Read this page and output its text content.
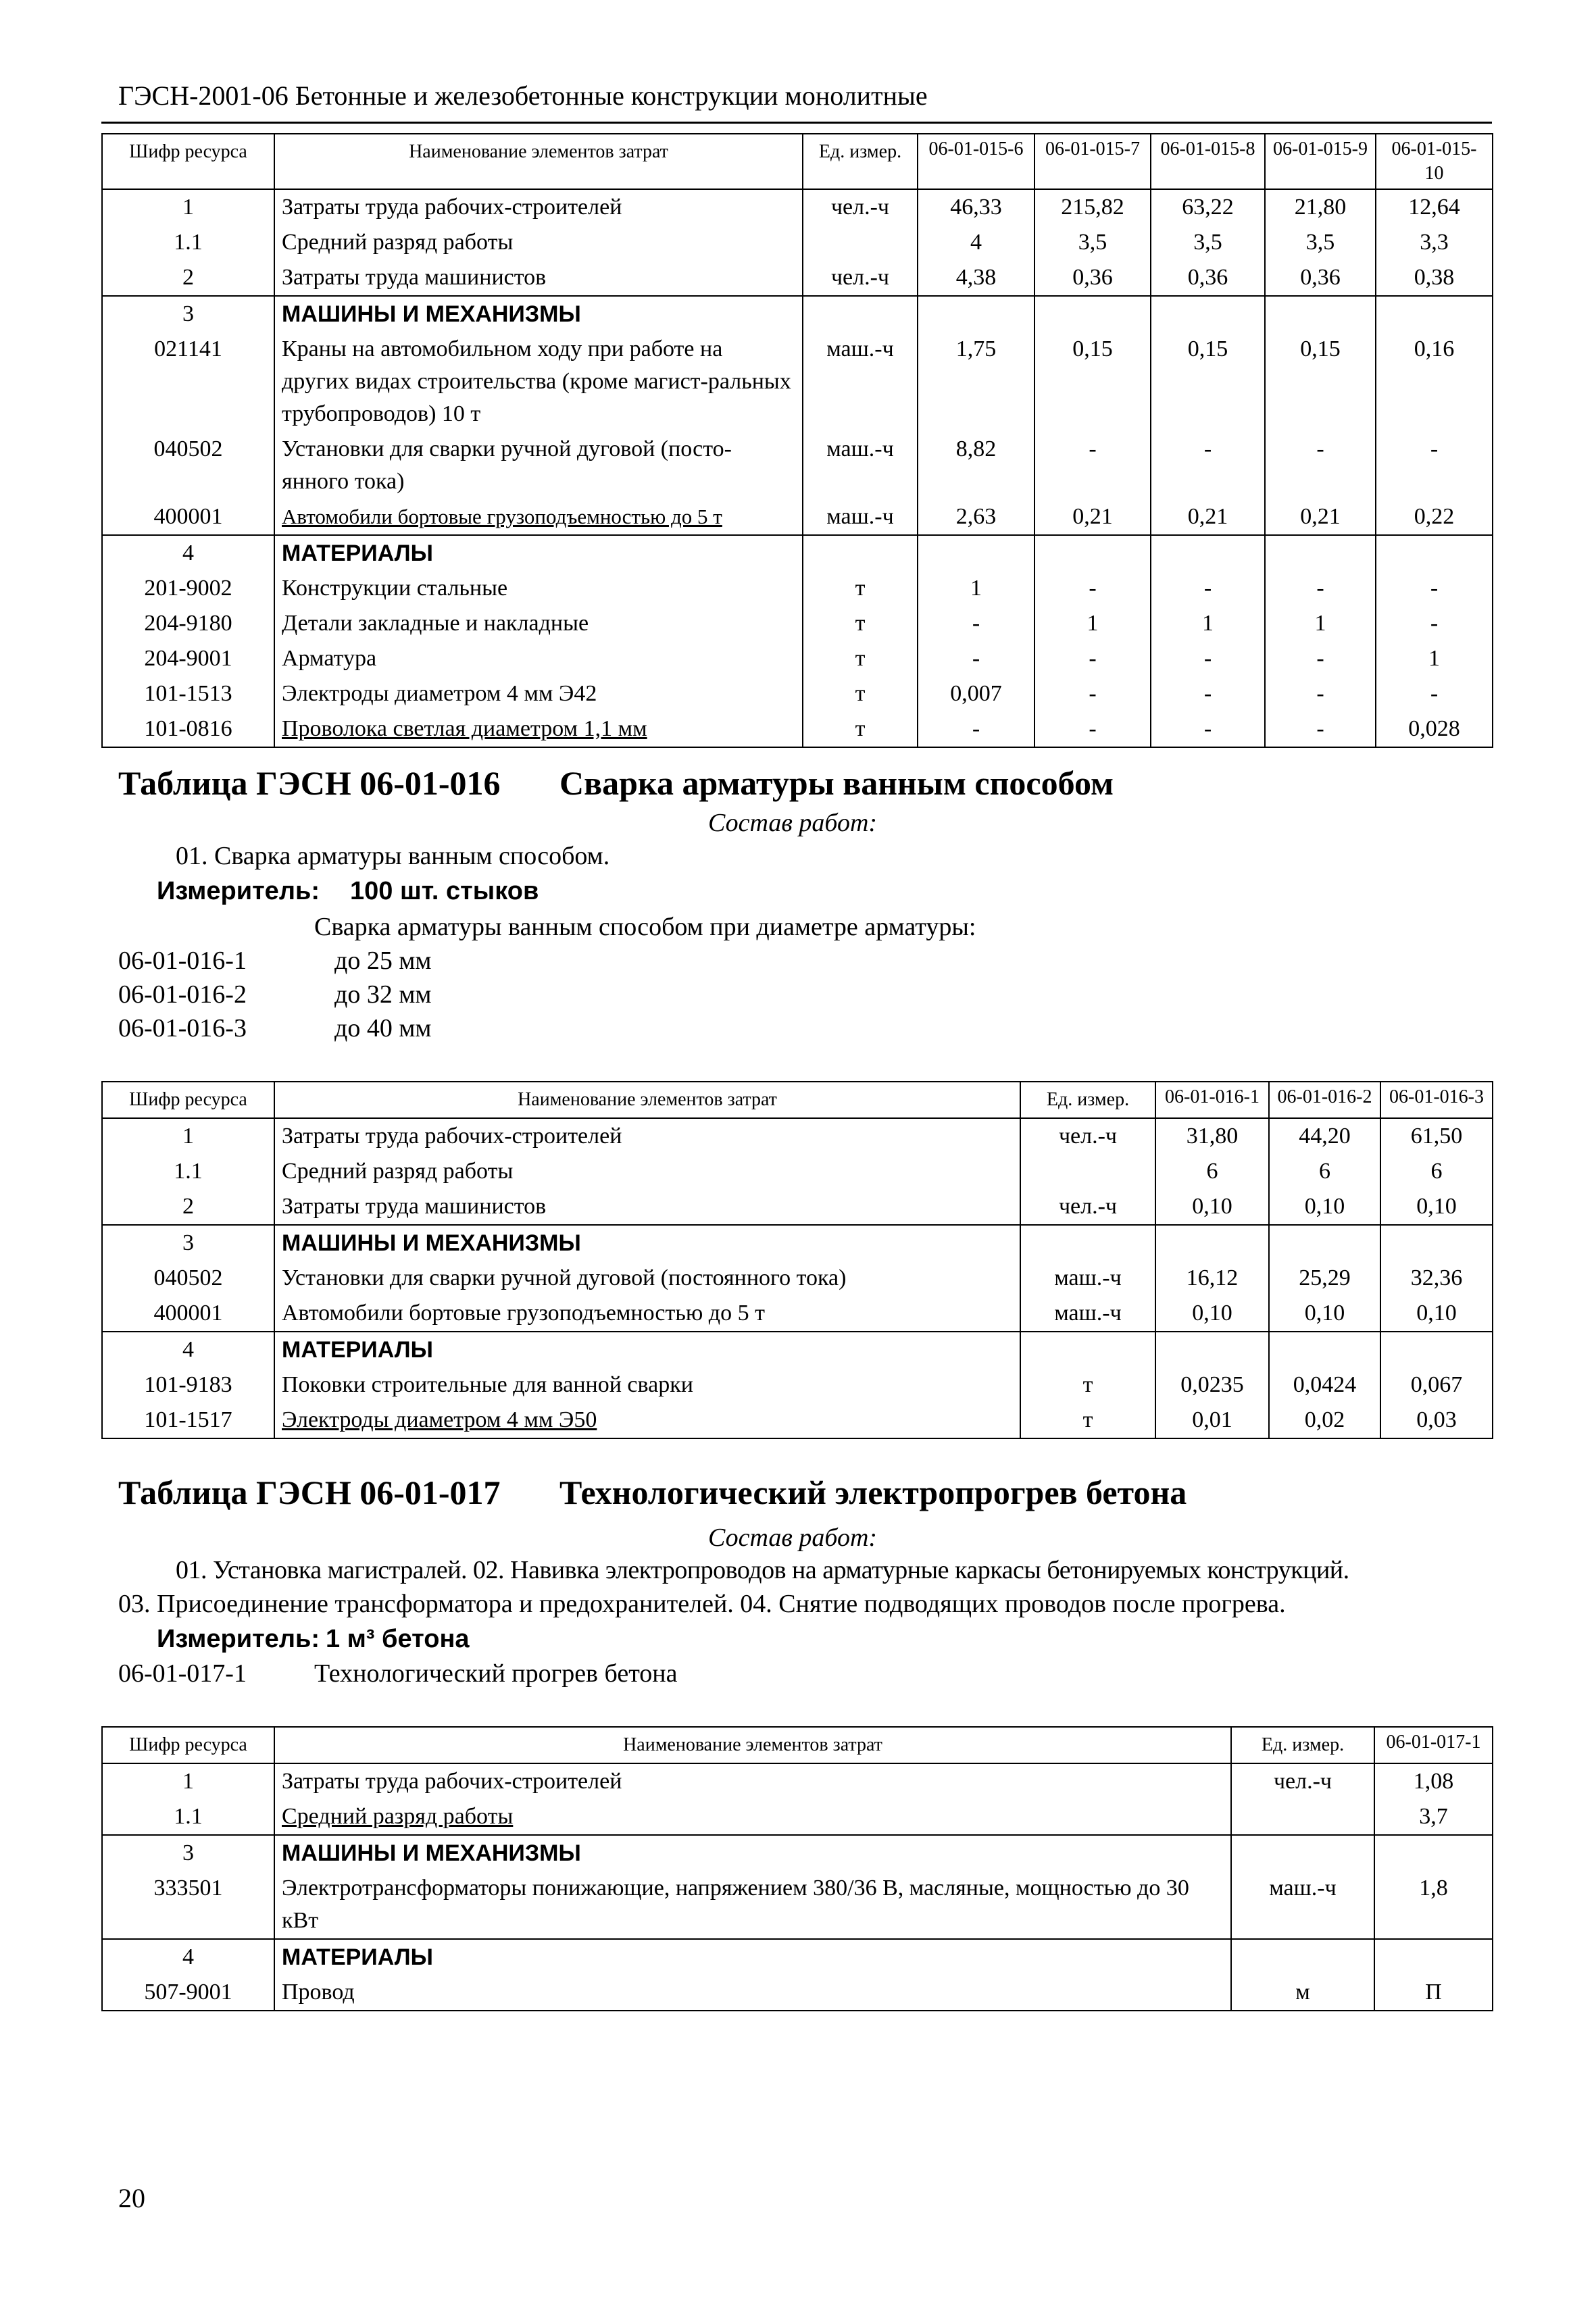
ГЭСН-2001-06 Бетонные и железобетонные конструкции монолитные
Шифр ресурса	Наименование элементов затрат	Ед. измер.	06-01-015-6	06-01-015-7	06-01-015-8	06-01-015-9	06-01-015-10
1	Затраты труда рабочих-строителей	чел.-ч	46,33	215,82	63,22	21,80	12,64
1.1	Средний разряд работы		4	3,5	3,5	3,5	3,3
2	Затраты труда машинистов	чел.-ч	4,38	0,36	0,36	0,36	0,38
3	МАШИНЫ И МЕХАНИЗМЫ						
021141	Краны на автомобильном ходу при работе на других видах строительства (кроме магист-ральных трубопроводов) 10 т	маш.-ч	1,75	0,15	0,15	0,15	0,16
040502	Установки для сварки ручной дуговой (посто-янного тока)	маш.-ч	8,82	-	-	-	-
400001	Автомобили бортовые грузоподъемностью до 5 т	маш.-ч	2,63	0,21	0,21	0,21	0,22
4	МАТЕРИАЛЫ						
201-9002	Конструкции стальные	т	1	-	-	-	-
204-9180	Детали закладные и накладные	т	-	1	1	1	-
204-9001	Арматура	т	-	-	-	-	1
101-1513	Электроды диаметром 4 мм Э42	т	0,007	-	-	-	-
101-0816	Проволока светлая диаметром 1,1 мм	т	-	-	-	-	0,028
Таблица ГЭСН 06-01-016 Сварка арматуры ванным способом
Состав работ:
01. Сварка арматуры ванным способом.
Измеритель: 100 шт. стыков
Сварка арматуры ванным способом при диаметре арматуры:
06-01-016-1	до 25 мм
06-01-016-2	до 32 мм
06-01-016-3	до 40 мм
Шифр ресурса	Наименование элементов затрат	Ед. измер.	06-01-016-1	06-01-016-2	06-01-016-3
1	Затраты труда рабочих-строителей	чел.-ч	31,80	44,20	61,50
1.1	Средний разряд работы		6	6	6
2	Затраты труда машинистов	чел.-ч	0,10	0,10	0,10
3	МАШИНЫ И МЕХАНИЗМЫ				
040502	Установки для сварки ручной дуговой (постоянного тока)	маш.-ч	16,12	25,29	32,36
400001	Автомобили бортовые грузоподъемностью до 5 т	маш.-ч	0,10	0,10	0,10
4	МАТЕРИАЛЫ				
101-9183	Поковки строительные для ванной сварки	т	0,0235	0,0424	0,067
101-1517	Электроды диаметром 4 мм Э50	т	0,01	0,02	0,03
Таблица ГЭСН 06-01-017 Технологический электропрогрев бетона
Состав работ:
01. Установка магистралей. 02. Навивка электропроводов на арматурные каркасы бетонируемых конструкций.
03. Присоединение трансформатора и предохранителей. 04. Снятие подводящих проводов после прогрева.
Измеритель: 1 м³ бетона
06-01-017-1	Технологический прогрев бетона
Шифр ресурса	Наименование элементов затрат	Ед. измер.	06-01-017-1
1	Затраты труда рабочих-строителей	чел.-ч	1,08
1.1	Средний разряд работы		3,7
3	МАШИНЫ И МЕХАНИЗМЫ		
333501	Электротрансформаторы понижающие, напряжением 380/36 В, масляные, мощностью до 30 кВт	маш.-ч	1,8
4	МАТЕРИАЛЫ		
507-9001	Провод	м	П
20
